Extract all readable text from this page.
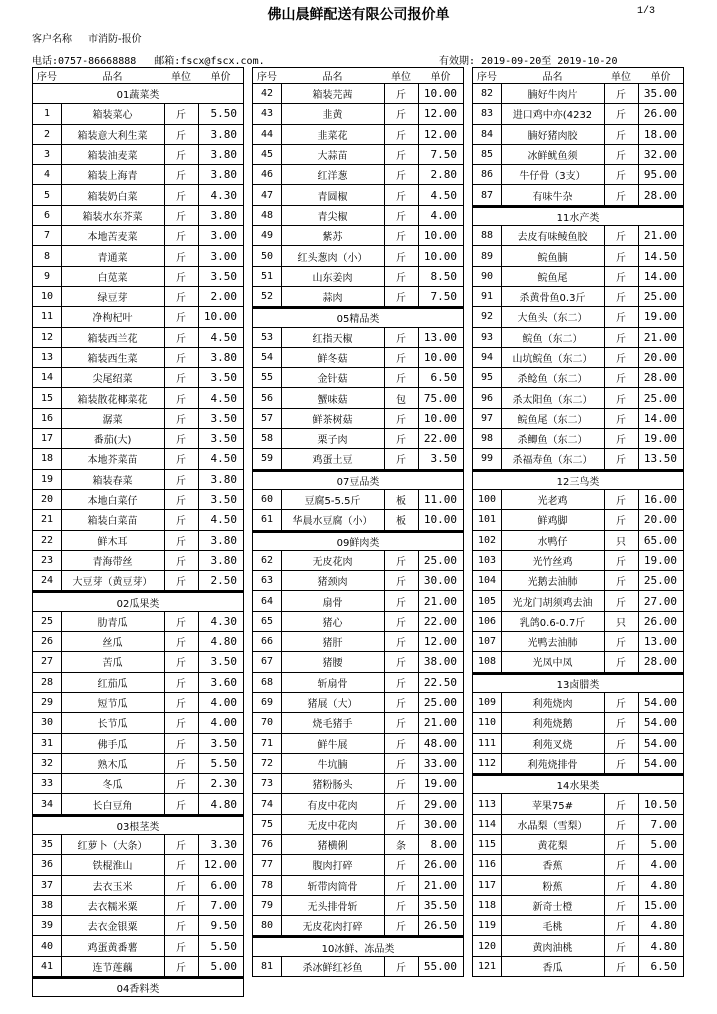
佛山晨鲜配送有限公司报价单	1/3
客户名称 市消防-报价
电话:0757-86668888 邮箱:fscx@fscx.com.	有效期: 2019-09-20至 2019-10-20
序号	品名	单位	单价
01蔬菜类
1	箱装菜心	斤	5.50
2	箱装意大利生菜	斤	3.80
3	箱装油麦菜	斤	3.80
4	箱装上海青	斤	3.80
5	箱装奶白菜	斤	4.30
6	箱装水东芥菜	斤	3.80
7	本地苦麦菜	斤	3.00
8	青通菜	斤	3.00
9	白苋菜	斤	3.50
10	绿豆芽	斤	2.00
11	净枸杞叶	斤	10.00
12	箱装西兰花	斤	4.50
13	箱装西生菜	斤	3.80
14	尖尾绍菜	斤	3.50
15	箱装散花椰菜花	斤	4.50
16	潺菜	斤	3.50
17	番茄(大)	斤	3.50
18	本地芥菜苗	斤	4.50
19	箱装春菜	斤	3.80
20	本地白菜仔	斤	3.50
21	箱装白菜苗	斤	4.50
22	鲜木耳	斤	3.80
23	青海带丝	斤	3.80
24	大豆芽（黄豆芽）	斤	2.50
02瓜果类
25	肋青瓜	斤	4.30
26	丝瓜	斤	4.80
27	苦瓜	斤	3.50
28	红茄瓜	斤	3.60
29	短节瓜	斤	4.00
30	长节瓜	斤	4.00
31	佛手瓜	斤	3.50
32	熟木瓜	斤	5.50
33	冬瓜	斤	2.30
34	长白豆角	斤	4.80
03根茎类
35	红萝卜（大条）	斤	3.30
36	铁棍淮山	斤	12.00
37	去衣玉米	斤	6.00
38	去衣糯米粟	斤	7.00
39	去衣金银粟	斤	9.50
40	鸡蛋黄番薯	斤	5.50
41	连节莲藕	斤	5.00
04香料类
序号	品名	单位	单价
42	箱装芫茜	斤	10.00
43	韭黄	斤	12.00
44	韭菜花	斤	12.00
45	大蒜苗	斤	7.50
46	红洋葱	斤	2.80
47	青圆椒	斤	4.50
48	青尖椒	斤	4.00
49	紫苏	斤	10.00
50	红头葱肉（小）	斤	10.00
51	山东姜肉	斤	8.50
52	蒜肉	斤	7.50
05精品类
53	红指天椒	斤	13.00
54	鲜冬菇	斤	10.00
55	金针菇	斤	6.50
56	蟹味菇	包	75.00
57	鲜茶树菇	斤	10.00
58	栗子肉	斤	22.00
59	鸡蛋土豆	斤	3.50
07豆品类
60	豆腐5-5.5斤	板	11.00
61	华晨水豆腐（小）	板	10.00
09鲜肉类
62	无皮花肉	斤	25.00
63	猪颈肉	斤	30.00
64	扇骨	斤	21.00
65	猪心	斤	22.00
66	猪肝	斤	12.00
67	猪腰	斤	38.00
68	斩扇骨	斤	22.50
69	猪展（大）	斤	25.00
70	烧毛猪手	斤	21.00
71	鲜牛展	斤	48.00
72	牛坑腩	斤	33.00
73	猪粉肠头	斤	19.00
74	有皮中花肉	斤	29.00
75	无皮中花肉	斤	30.00
76	猪横俐	条	8.00
77	腹肉打碎	斤	26.00
78	斩带肉筒骨	斤	21.00
79	无头排骨斩	斤	35.50
80	无皮花肉打碎	斤	26.50
10冰鲜、冻品类
81	杀冰鲜红衫鱼	斤	55.00
序号	品名	单位	单价
82	腩好牛肉片	斤	35.00
83	进口鸡中亦(4232	斤	26.00
84	腩好猪肉胶	斤	18.00
85	冰鲜鱿鱼须	斤	32.00
86	牛仔骨（3支）	斤	95.00
87	有味牛杂	斤	28.00
11水产类
88	去皮有味鲮鱼胶	斤	21.00
89	鲩鱼腩	斤	14.50
90	鲩鱼尾	斤	14.00
91	杀黄骨鱼0.3斤	斤	25.00
92	大鱼头（东二）	斤	19.00
93	鲩鱼（东二）	斤	21.00
94	山坑鲩鱼（东二）	斤	20.00
95	杀鲶鱼（东二）	斤	28.00
96	杀太阳鱼（东二）	斤	25.00
97	鲩鱼尾（东二）	斤	14.00
98	杀鲫鱼（东二）	斤	19.00
99	杀福寿鱼（东二）	斤	13.50
12三鸟类
100	光老鸡	斤	16.00
101	鲜鸡脚	斤	20.00
102	水鸭仔	只	65.00
103	光竹丝鸡	斤	19.00
104	光鹅去油肺	斤	25.00
105	光龙门胡须鸡去油	斤	27.00
106	乳鸽0.6-0.7斤	只	26.00
107	光鸭去油肺	斤	13.00
108	光凤中凤	斤	28.00
13卤腊类
109	利苑烧肉	斤	54.00
110	利苑烧鹅	斤	54.00
111	利苑叉烧	斤	54.00
112	利苑烧排骨	斤	54.00
14水果类
113	苹果75#	斤	10.50
114	水晶梨（雪梨）	斤	7.00
115	黄花梨	斤	5.00
116	香蕉	斤	4.00
117	粉蕉	斤	4.80
118	新奇士橙	斤	15.00
119	毛桃	斤	4.80
120	黄肉油桃	斤	4.80
121	香瓜	斤	6.50
